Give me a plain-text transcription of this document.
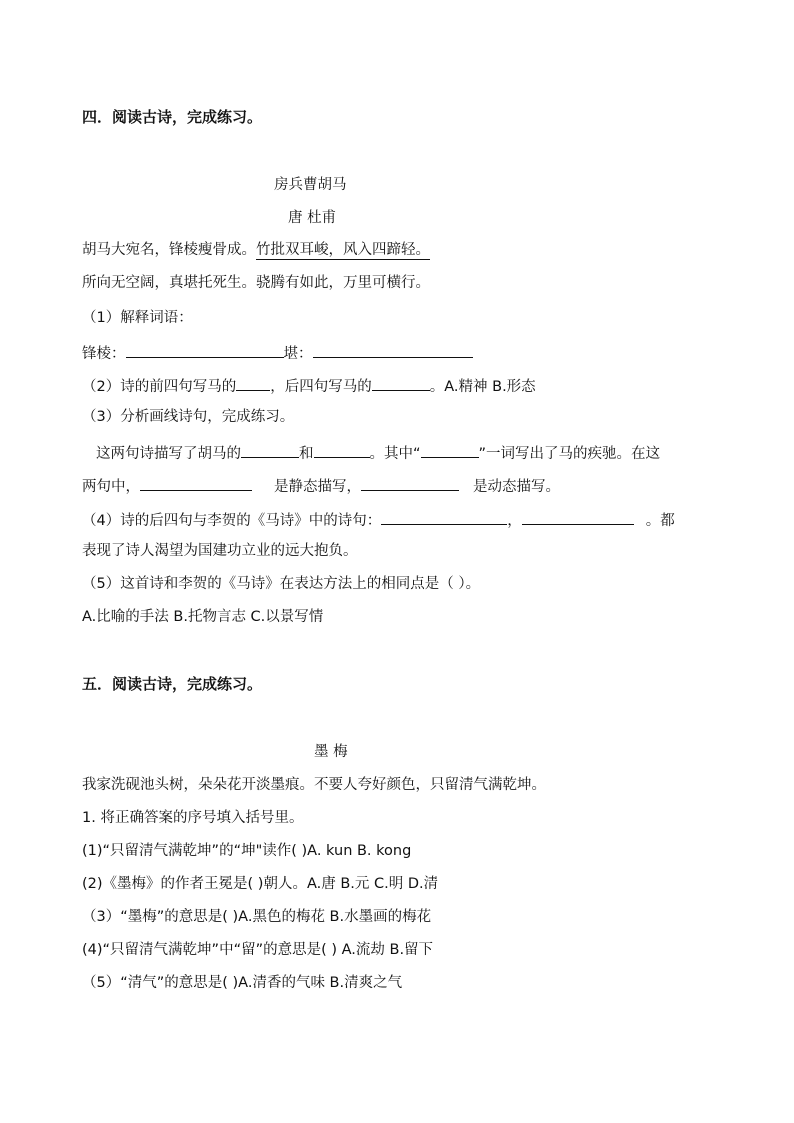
四．阅读古诗，完成练习。
房兵曹胡马
唐 杜甫
胡马大宛名，锋棱瘦骨成。竹批双耳峻，风入四蹄轻。
所向无空阔，真堪托死生。骁腾有如此，万里可横行。
（1）解释词语：
锋棱：	堪：
（2）诗的前四句写马的 ，后四句写马的	。A.精神 B.形态
（3）分析画线诗句，完成练习。
这两句诗描写了胡马的	和	。其中“	”一词写出了马的疾驰。在这
两句中，	是静态描写，	是动态描写。
（4）诗的后四句与李贺的《马诗》中的诗句：	，	。都
表现了诗人渴望为国建功立业的远大抱负。
（5）这首诗和李贺的《马诗》在表达方法上的相同点是（ ）。
A.比喻的手法 B.托物言志 C.以景写情
五．阅读古诗，完成练习。
墨 梅
我家洗砚池头树，朵朵花开淡墨痕。不要人夸好颜色，只留清气满乾坤。
1. 将正确答案的序号填入括号里。
(1)“只留清气满乾坤”的“坤"读作( )A. kun B. kong
(2)《墨梅》的作者王冕是( )朝人。A.唐 B.元 C.明 D.清
（3）“墨梅”的意思是( )A.黑色的梅花 B.水墨画的梅花
(4)“只留清气满乾坤”中“留”的意思是( ) A.流劫 B.留下
（5）“清气”的意思是( )A.清香的气味 B.清爽之气
